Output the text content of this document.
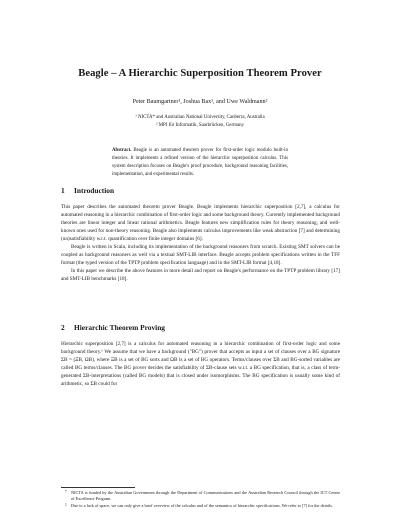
Beagle – A Hierarchic Superposition Theorem Prover
Peter Baumgartner¹, Joshua Bax¹, and Uwe Waldmann²
¹ NICTA* and Australian National University, Canberra, Australia
² MPI für Informatik, Saarbrücken, Germany
Abstract. Beagle is an automated theorem prover for first-order logic modulo built-in theories. It implements a refined version of the hierarchic superposition calculus. This system description focuses on Beagle's proof procedure, background reasoning facilities, implementation, and experimental results.
1 Introduction

This paper describes the automated theorem prover Beagle. Beagle implements hierarchic superposition [2,7], a calculus for automated reasoning in a hierarchic combination of first-order logic and some background theory. Currently implemented background theories are linear integer and linear rational arithmetics. Beagle features new simplification rules for theory reasoning, and well-known ones used for non-theory reasoning. Beagle also implements calculus improvements like weak abstraction [7] and determining (un)satisfiability w.r.t. quantification over finite integer domains [6].

Beagle is written in Scala, including its implementation of the background reasoners from scratch. Existing SMT solvers can be coupled as background reasoners as well via a textual SMT-LIB interface. Beagle accepts problem specifications written in the TFF format (the typed version of the TPTP problem specification language) and in the SMT-LIB format [4,18].

In this paper we describe the above features in more detail and report on Beagle's performance on the TPTP problem library [17] and SMT-LIB benchmarks [18].

2 Hierarchic Theorem Proving

Hierarchic superposition [2,7] is a calculus for automated reasoning in a hierarchic combination of first-order logic and some background theory.¹ We assume that we have a background ("BG") prover that accepts as input a set of clauses over a BG signature ΣB = (ΞB, ΩB), where ΞB is a set of BG sorts and ΩB is a set of BG operators. Terms/clauses over ΣB and BG-sorted variables are called BG terms/clauses. The BG prover decides the satisfiability of ΣB-clause sets w.r.t. a BG specification, that is, a class of term-generated ΣB-interpretations (called BG models) that is closed under isomorphisms. The BG specification is usually some kind of arithmetic, so ΣB could for

* NICTA is funded by the Australian Government through the Department of Communications and the Australian Research Council through the ICT Centre of Excellence Program.
1 Due to a lack of space, we can only give a brief overview of the calculus and of the semantics of hierarchic specifications. We refer to [7] for the details.
